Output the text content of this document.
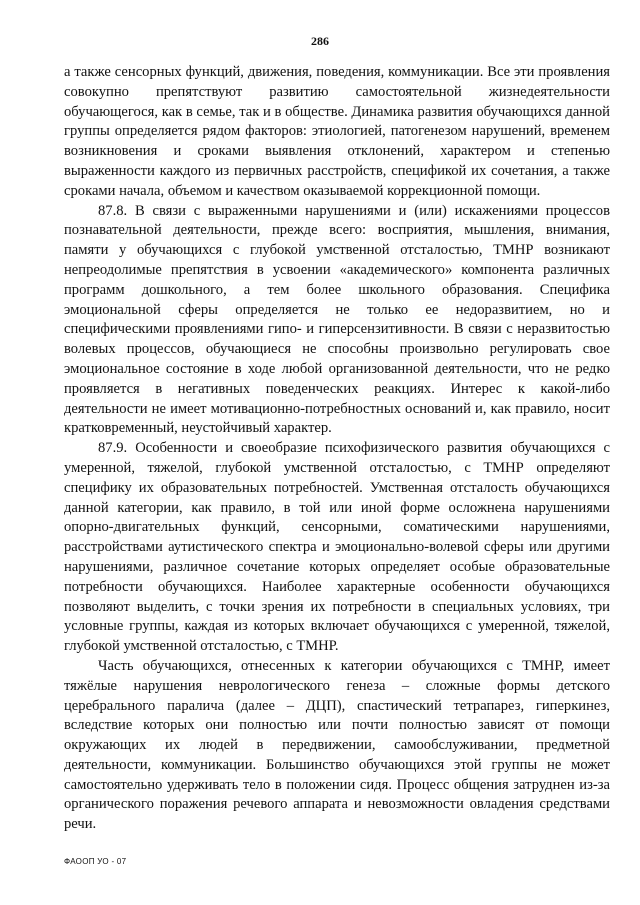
286

а также сенсорных функций, движения, поведения, коммуникации. Все эти проявления совокупно препятствуют развитию самостоятельной жизнедеятельности обучающегося, как в семье, так и в обществе. Динамика развития обучающихся данной группы определяется рядом факторов: этиологией, патогенезом нарушений, временем возникновения и сроками выявления отклонений, характером и степенью выраженности каждого из первичных расстройств, спецификой их сочетания, а также сроками начала, объемом и качеством оказываемой коррекционной помощи.

87.8. В связи с выраженными нарушениями и (или) искажениями процессов познавательной деятельности, прежде всего: восприятия, мышления, внимания, памяти у обучающихся с глубокой умственной отсталостью, ТМНР возникают непреодолимые препятствия в усвоении «академического» компонента различных программ дошкольного, а тем более школьного образования. Специфика эмоциональной сферы определяется не только ее недоразвитием, но и специфическими проявлениями гипо- и гиперсензитивности. В связи с неразвитостью волевых процессов, обучающиеся не способны произвольно регулировать свое эмоциональное состояние в ходе любой организованной деятельности, что не редко проявляется в негативных поведенческих реакциях. Интерес к какой-либо деятельности не имеет мотивационно-потребностных оснований и, как правило, носит кратковременный, неустойчивый характер.

87.9. Особенности и своеобразие психофизического развития обучающихся с умеренной, тяжелой, глубокой умственной отсталостью, с ТМНР определяют специфику их образовательных потребностей. Умственная отсталость обучающихся данной категории, как правило, в той или иной форме осложнена нарушениями опорно-двигательных функций, сенсорными, соматическими нарушениями, расстройствами аутистического спектра и эмоционально-волевой сферы или другими нарушениями, различное сочетание которых определяет особые образовательные потребности обучающихся. Наиболее характерные особенности обучающихся позволяют выделить, с точки зрения их потребности в специальных условиях, три условные группы, каждая из которых включает обучающихся с умеренной, тяжелой, глубокой умственной отсталостью, с ТМНР.

Часть обучающихся, отнесенных к категории обучающихся с ТМНР, имеет тяжёлые нарушения неврологического генеза – сложные формы детского церебрального паралича (далее – ДЦП), спастический тетрапарез, гиперкинез, вследствие которых они полностью или почти полностью зависят от помощи окружающих их людей в передвижении, самообслуживании, предметной деятельности, коммуникации. Большинство обучающихся этой группы не может самостоятельно удерживать тело в положении сидя. Процесс общения затруднен из-за органического поражения речевого аппарата и невозможности овладения средствами речи.

ФАООП УО - 07
